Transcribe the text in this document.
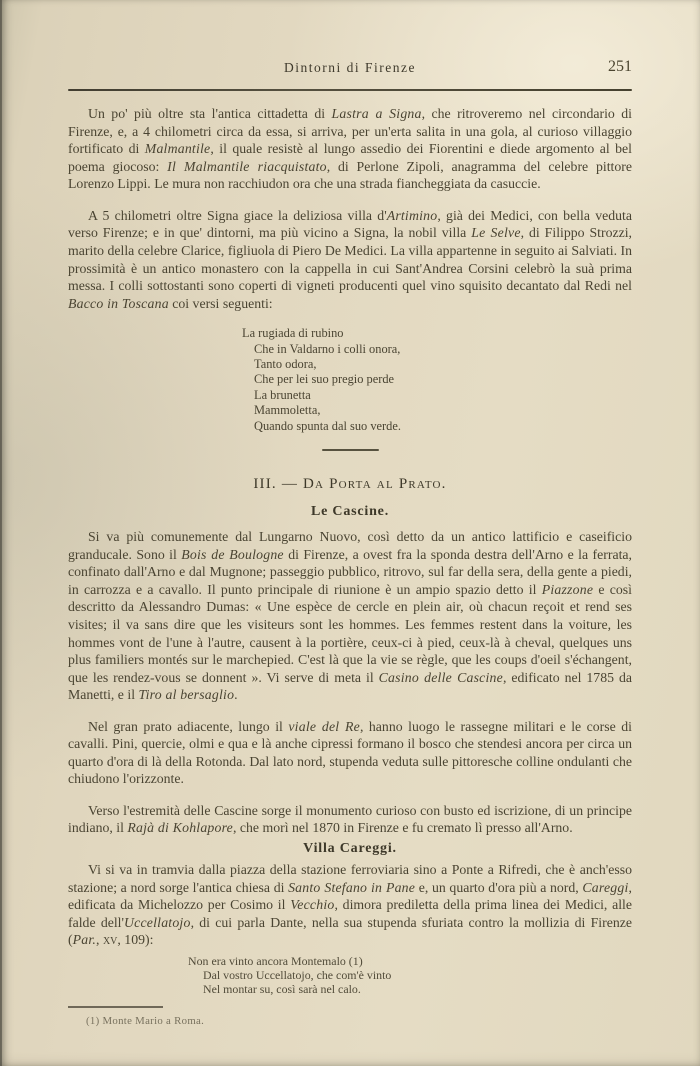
Dintorni di Firenze	251

Un po' più oltre sta l'antica cittadetta di Lastra a Signa, che ritroveremo nel circondario di Firenze, e, a 4 chilometri circa da essa, si arriva, per un'erta salita in una gola, al curioso villaggio fortificato di Malmantile, il quale resistè al lungo assedio dei Fiorentini e diede argomento al bel poema giocoso: Il Malmantile riacquistato, di Perlone Zipoli, anagramma del celebre pittore Lorenzo Lippi. Le mura non racchiudon ora che una strada fiancheggiata da casuccie.

A 5 chilometri oltre Signa giace la deliziosa villa d'Artimino, già dei Medici, con bella veduta verso Firenze; e in que' dintorni, ma più vicino a Signa, la nobil villa Le Selve, di Filippo Strozzi, marito della celebre Clarice, figliuola di Piero De Medici. La villa appartenne in seguito ai Salviati. In prossimità è un antico monastero con la cappella in cui Sant'Andrea Corsini celebrò la suà prima messa. I colli sottostanti sono coperti di vigneti producenti quel vino squisito decantato dal Redi nel Bacco in Toscana coi versi seguenti:

La rugiada di rubino
Che in Valdarno i colli onora,
Tanto odora,
Che per lei suo pregio perde
La brunetta
Mammoletta,
Quando spunta dal suo verde.
III. — Da Porta al Prato.
Le Cascine.

Si va più comunemente dal Lungarno Nuovo, così detto da un antico lattificio e caseificio granducale. Sono il Bois de Boulogne di Firenze, a ovest fra la sponda destra dell'Arno e la ferrata, confinato dall'Arno e dal Mugnone; passeggio pubblico, ritrovo, sul far della sera, della gente a piedi, in carrozza e a cavallo. Il punto principale di riunione è un ampio spazio detto il Piazzone e così descritto da Alessandro Dumas: « Une espèce de cercle en plein air, où chacun reçoit et rend ses visites; il va sans dire que les visiteurs sont les hommes. Les femmes restent dans la voiture, les hommes vont de l'une à l'autre, causent à la portière, ceux-ci à pied, ceux-là à cheval, quelques uns plus familiers montés sur le marchepied. C'est là que la vie se règle, que les coups d'oeil s'échangent, que les rendez-vous se donnent ». Vi serve di meta il Casino delle Cascine, edificato nel 1785 da Manetti, e il Tiro al bersaglio.

Nel gran prato adiacente, lungo il viale del Re, hanno luogo le rassegne militari e le corse di cavalli. Pini, quercie, olmi e qua e là anche cipressi formano il bosco che stendesi ancora per circa un quarto d'ora di là della Rotonda. Dal lato nord, stupenda veduta sulle pittoresche colline ondulanti che chiudono l'orizzonte.

Verso l'estremità delle Cascine sorge il monumento curioso con busto ed iscrizione, di un principe indiano, il Rajà di Kohlapore, che morì nel 1870 in Firenze e fu cremato lì presso all'Arno.

Villa Careggi.

Vi si va in tramvia dalla piazza della stazione ferroviaria sino a Ponte a Rifredi, che è anch'esso stazione; a nord sorge l'antica chiesa di Santo Stefano in Pane e, un quarto d'ora più a nord, Careggi, edificata da Michelozzo per Cosimo il Vecchio, dimora prediletta della prima linea dei Medici, alle falde dell'Uccellatojo, di cui parla Dante, nella sua stupenda sfuriata contro la mollizia di Firenze (Par., xv, 109):

Non era vinto ancora Montemalo (1)
Dal vostro Uccellatojo, che com'è vinto
Nel montar su, così sarà nel calo.
(1) Monte Mario a Roma.
